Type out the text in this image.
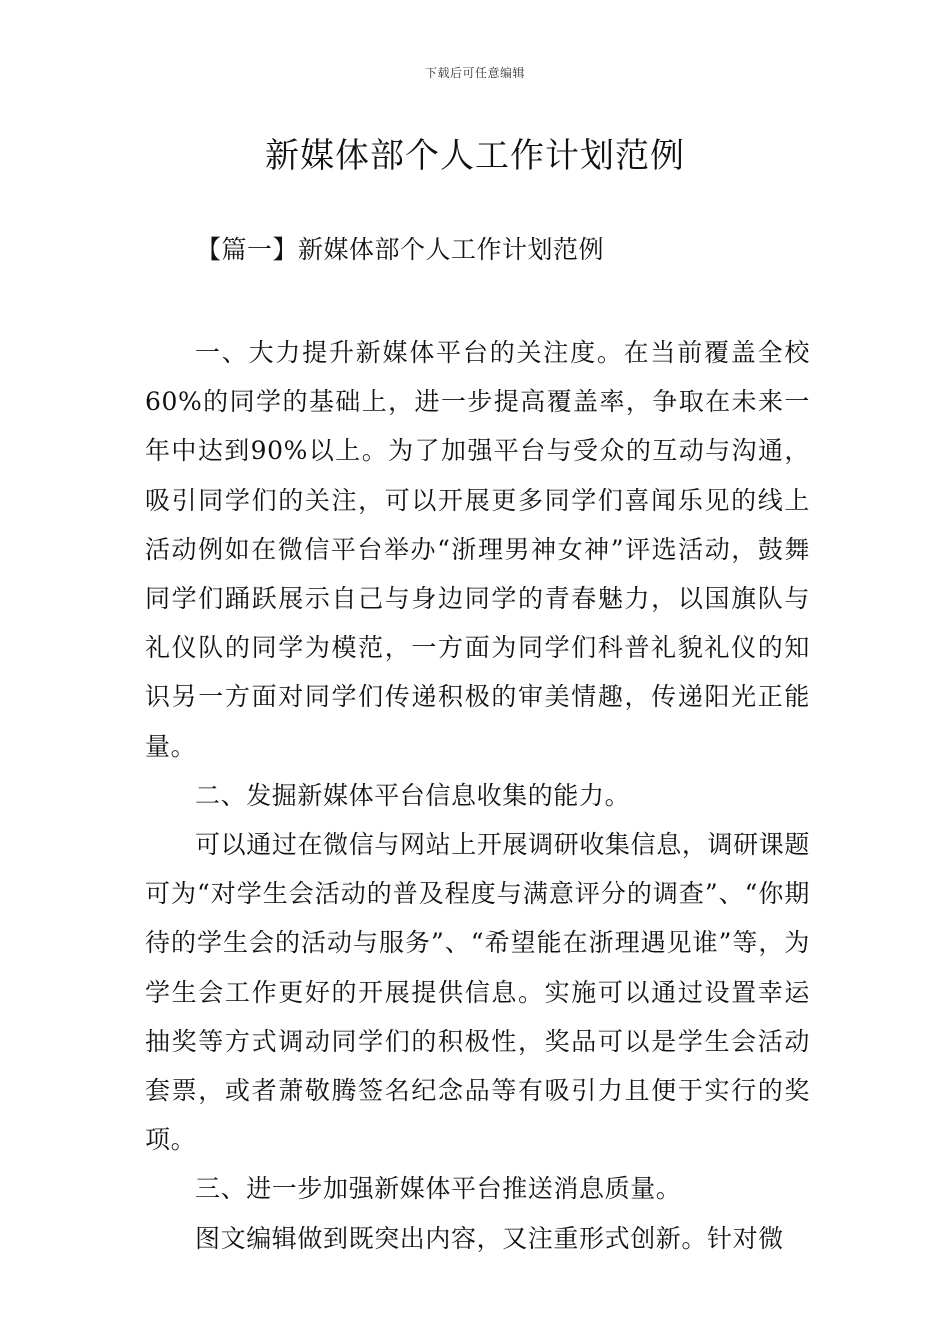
下载后可任意编辑
新媒体部个人工作计划范例
【篇一】新媒体部个人工作计划范例

一、大力提升新媒体平台的关注度。在当前覆盖全校60%的同学的基础上，进一步提高覆盖率，争取在未来一年中达到90%以上。为了加强平台与受众的互动与沟通，吸引同学们的关注，可以开展更多同学们喜闻乐见的线上活动例如在微信平台举办“浙理男神女神”评选活动，鼓舞同学们踊跃展示自己与身边同学的青春魅力，以国旗队与礼仪队的同学为模范，一方面为同学们科普礼貌礼仪的知识另一方面对同学们传递积极的审美情趣，传递阳光正能量。

二、发掘新媒体平台信息收集的能力。

可以通过在微信与网站上开展调研收集信息，调研课题可为“对学生会活动的普及程度与满意评分的调查”、“你期待的学生会的活动与服务”、“希望能在浙理遇见谁”等，为学生会工作更好的开展提供信息。实施可以通过设置幸运抽奖等方式调动同学们的积极性，奖品可以是学生会活动套票，或者萧敬腾签名纪念品等有吸引力且便于实行的奖项。

三、进一步加强新媒体平台推送消息质量。

图文编辑做到既突出内容，又注重形式创新。针对微
